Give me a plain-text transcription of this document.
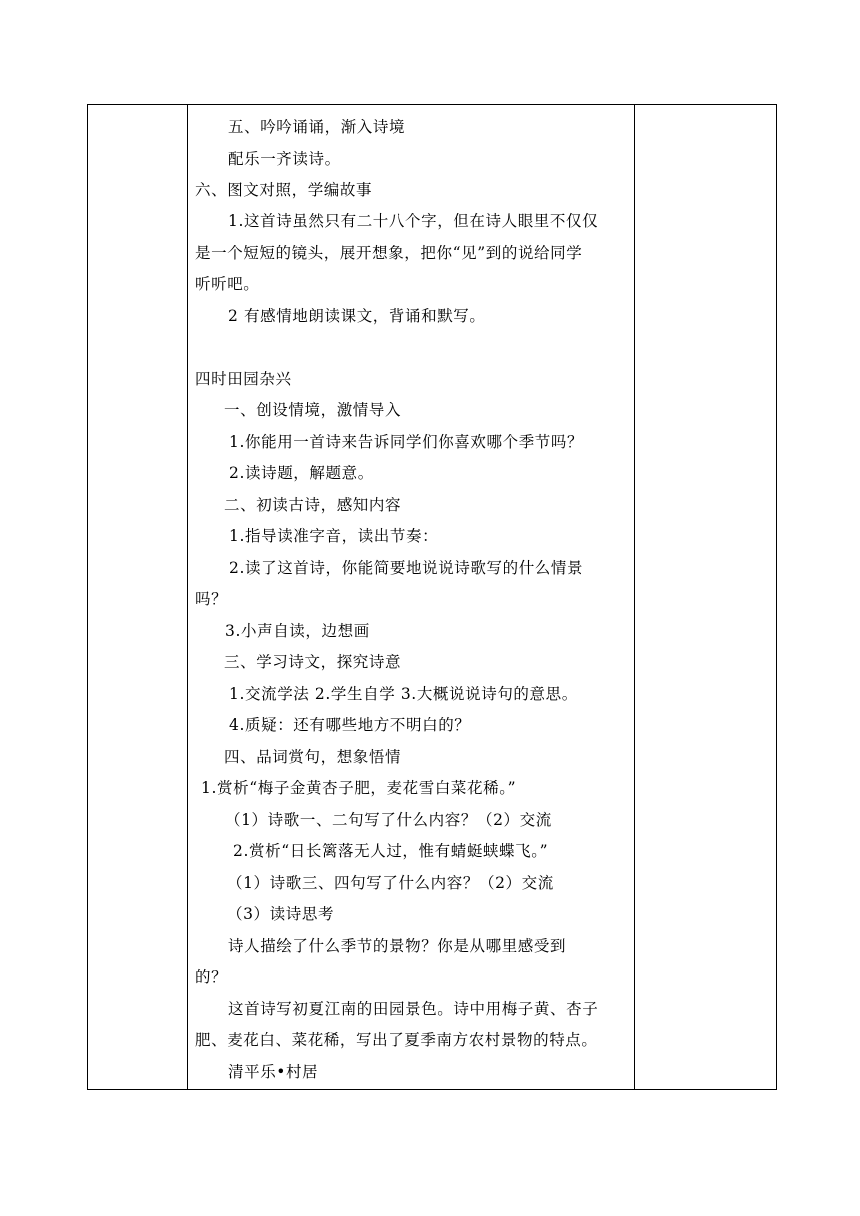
五、吟吟诵诵，渐入诗境
配乐一齐读诗。
六、图文对照，学编故事
1.这首诗虽然只有二十八个字，但在诗人眼里不仅仅
是一个短短的镜头，展开想象，把你“见”到的说给同学
听听吧。
2 有感情地朗读课文，背诵和默写。
四时田园杂兴
一、创设情境，激情导入
1.你能用一首诗来告诉同学们你喜欢哪个季节吗？
2.读诗题，解题意。
二、初读古诗，感知内容
1.指导读准字音，读出节奏：
2.读了这首诗，你能简要地说说诗歌写的什么情景
吗？
3.小声自读，边想画
三、学习诗文，探究诗意
1.交流学法 2.学生自学 3.大概说说诗句的意思。
4.质疑：还有哪些地方不明白的？
四、品词赏句，想象悟情
1.赏析“梅子金黄杏子肥，麦花雪白菜花稀。”
（1）诗歌一、二句写了什么内容？（2）交流
2.赏析“日长篱落无人过，惟有蜻蜓蛱蝶飞。”
（1）诗歌三、四句写了什么内容？（2）交流
（3）读诗思考
诗人描绘了什么季节的景物？你是从哪里感受到
的？
这首诗写初夏江南的田园景色。诗中用梅子黄、杏子
肥、麦花白、菜花稀，写出了夏季南方农村景物的特点。
清平乐•村居
